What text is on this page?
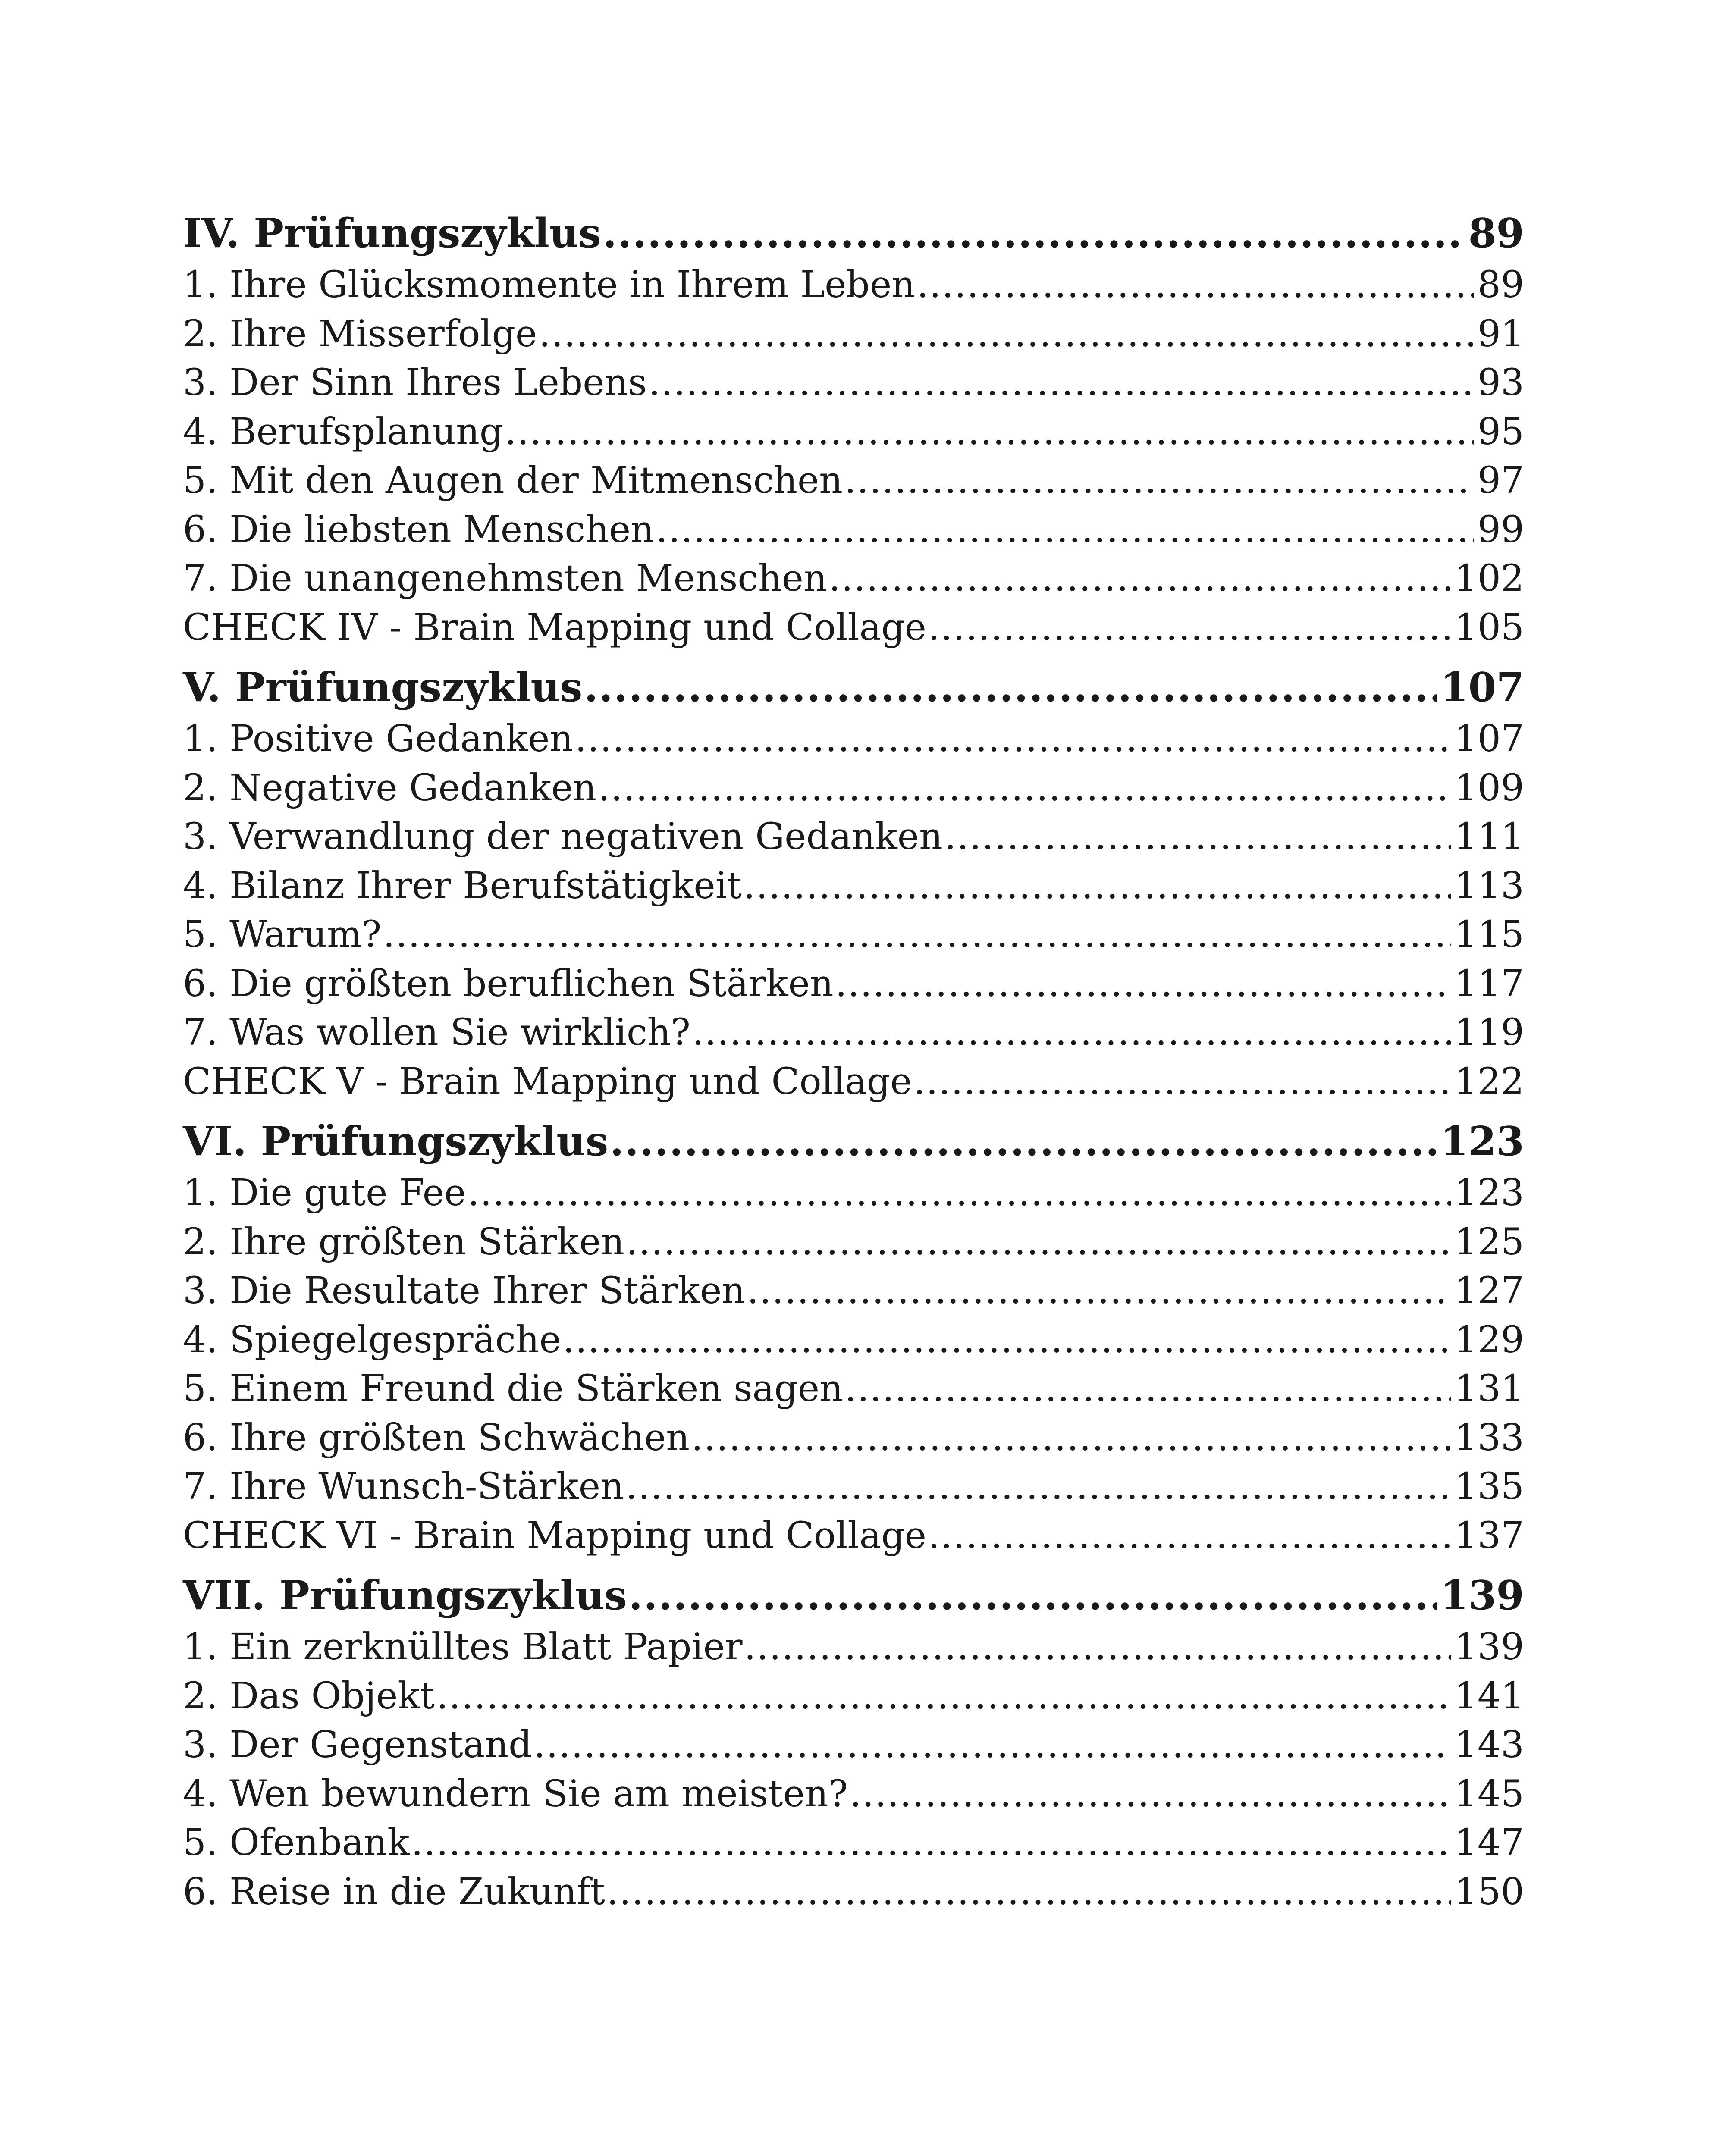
IV. Prüfungszyklus .....	89
1. Ihre Glücksmomente in Ihrem Leben .....	89
2. Ihre Misserfolge .....	91
3. Der Sinn Ihres Lebens .....	93
4. Berufsplanung .....	95
5. Mit den Augen der Mitmenschen .....	97
6. Die liebsten Menschen .....	99
7. Die unangenehmsten Menschen .....	102
CHECK IV - Brain Mapping und Collage .....	105
V. Prüfungszyklus .....	107
1. Positive Gedanken .....	107
2. Negative Gedanken .....	109
3. Verwandlung der negativen Gedanken .....	111
4. Bilanz Ihrer Berufstätigkeit .....	113
5. Warum? .....	115
6. Die größten beruflichen Stärken .....	117
7. Was wollen Sie wirklich? .....	119
CHECK V - Brain Mapping und Collage .....	122
VI. Prüfungszyklus .....	123
1. Die gute Fee .....	123
2. Ihre größten Stärken .....	125
3. Die Resultate Ihrer Stärken .....	127
4. Spiegelgespräche .....	129
5. Einem Freund die Stärken sagen .....	131
6. Ihre größten Schwächen .....	133
7. Ihre Wunsch-Stärken .....	135
CHECK VI - Brain Mapping und Collage .....	137
VII. Prüfungszyklus .....	139
1. Ein zerknülltes Blatt Papier .....	139
2. Das Objekt .....	141
3. Der Gegenstand .....	143
4. Wen bewundern Sie am meisten? .....	145
5. Ofenbank .....	147
6. Reise in die Zukunft .....	150
